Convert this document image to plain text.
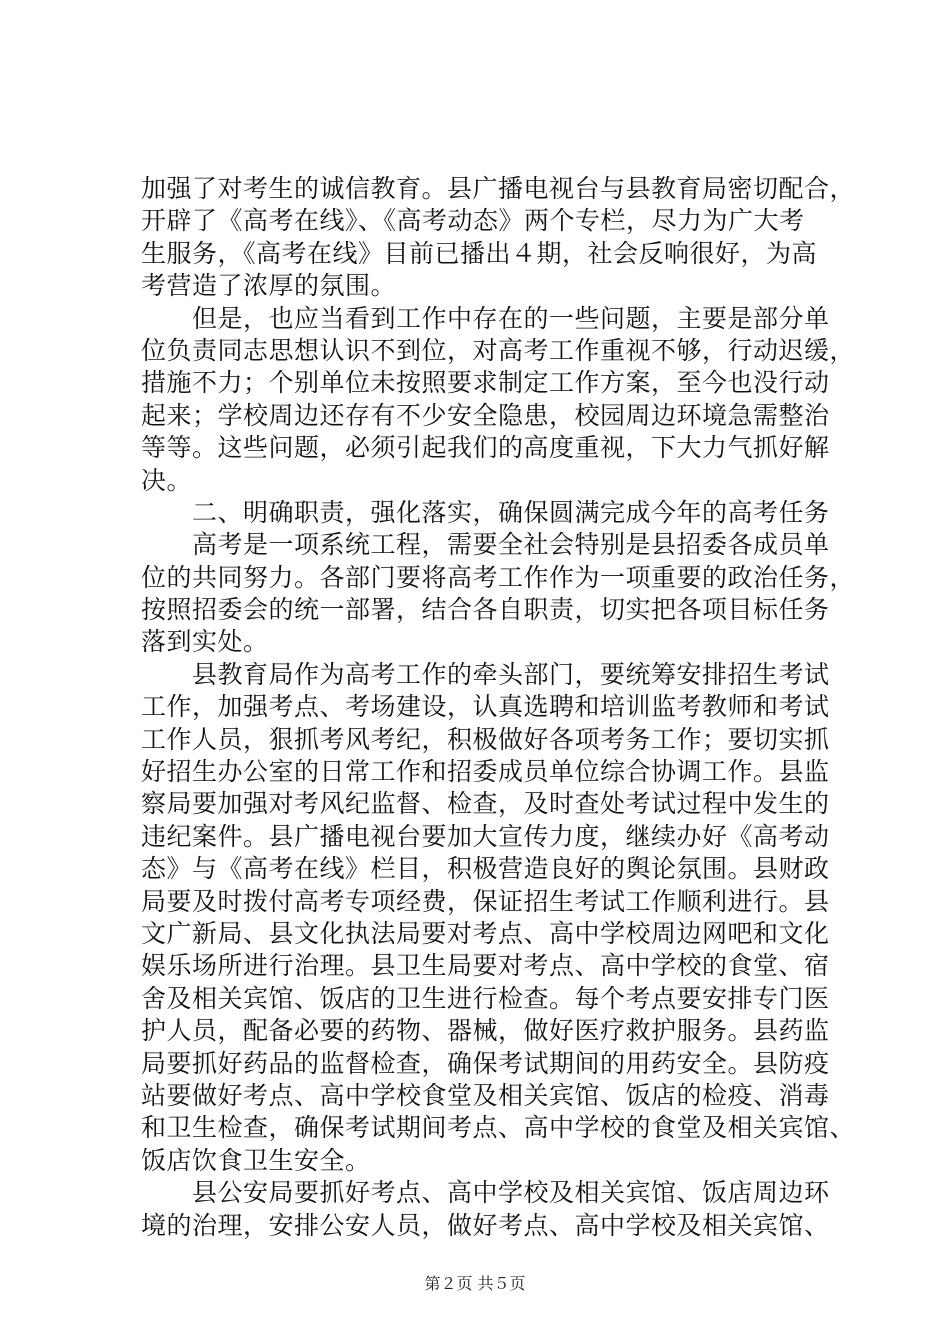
加强了对考生的诚信教育。县广播电视台与县教育局密切配合，
开辟了《高考在线》、《高考动态》两个专栏，尽力为广大考
生服务，《高考在线》目前已播出４期，社会反响很好，为高
考营造了浓厚的氛围。
　　但是，也应当看到工作中存在的一些问题，主要是部分单
位负责同志思想认识不到位，对高考工作重视不够，行动迟缓，
措施不力；个别单位未按照要求制定工作方案，至今也没行动
起来；学校周边还存有不少安全隐患，校园周边环境急需整治
等等。这些问题，必须引起我们的高度重视，下大力气抓好解
决。
　　二、明确职责，强化落实，确保圆满完成今年的高考任务
　　高考是一项系统工程，需要全社会特别是县招委各成员单
位的共同努力。各部门要将高考工作作为一项重要的政治任务，
按照招委会的统一部署，结合各自职责，切实把各项目标任务
落到实处。
　　县教育局作为高考工作的牵头部门，要统筹安排招生考试
工作，加强考点、考场建设，认真选聘和培训监考教师和考试
工作人员，狠抓考风考纪，积极做好各项考务工作；要切实抓
好招生办公室的日常工作和招委成员单位综合协调工作。县监
察局要加强对考风纪监督、检查，及时查处考试过程中发生的
违纪案件。县广播电视台要加大宣传力度，继续办好《高考动
态》与《高考在线》栏目，积极营造良好的舆论氛围。县财政
局要及时拨付高考专项经费，保证招生考试工作顺利进行。县
文广新局、县文化执法局要对考点、高中学校周边网吧和文化
娱乐场所进行治理。县卫生局要对考点、高中学校的食堂、宿
舍及相关宾馆、饭店的卫生进行检查。每个考点要安排专门医
护人员，配备必要的药物、器械，做好医疗救护服务。县药监
局要抓好药品的监督检查，确保考试期间的用药安全。县防疫
站要做好考点、高中学校食堂及相关宾馆、饭店的检疫、消毒
和卫生检查，确保考试期间考点、高中学校的食堂及相关宾馆、
饭店饮食卫生安全。
　　县公安局要抓好考点、高中学校及相关宾馆、饭店周边环
境的治理，安排公安人员，做好考点、高中学校及相关宾馆、
第２页 共５页
